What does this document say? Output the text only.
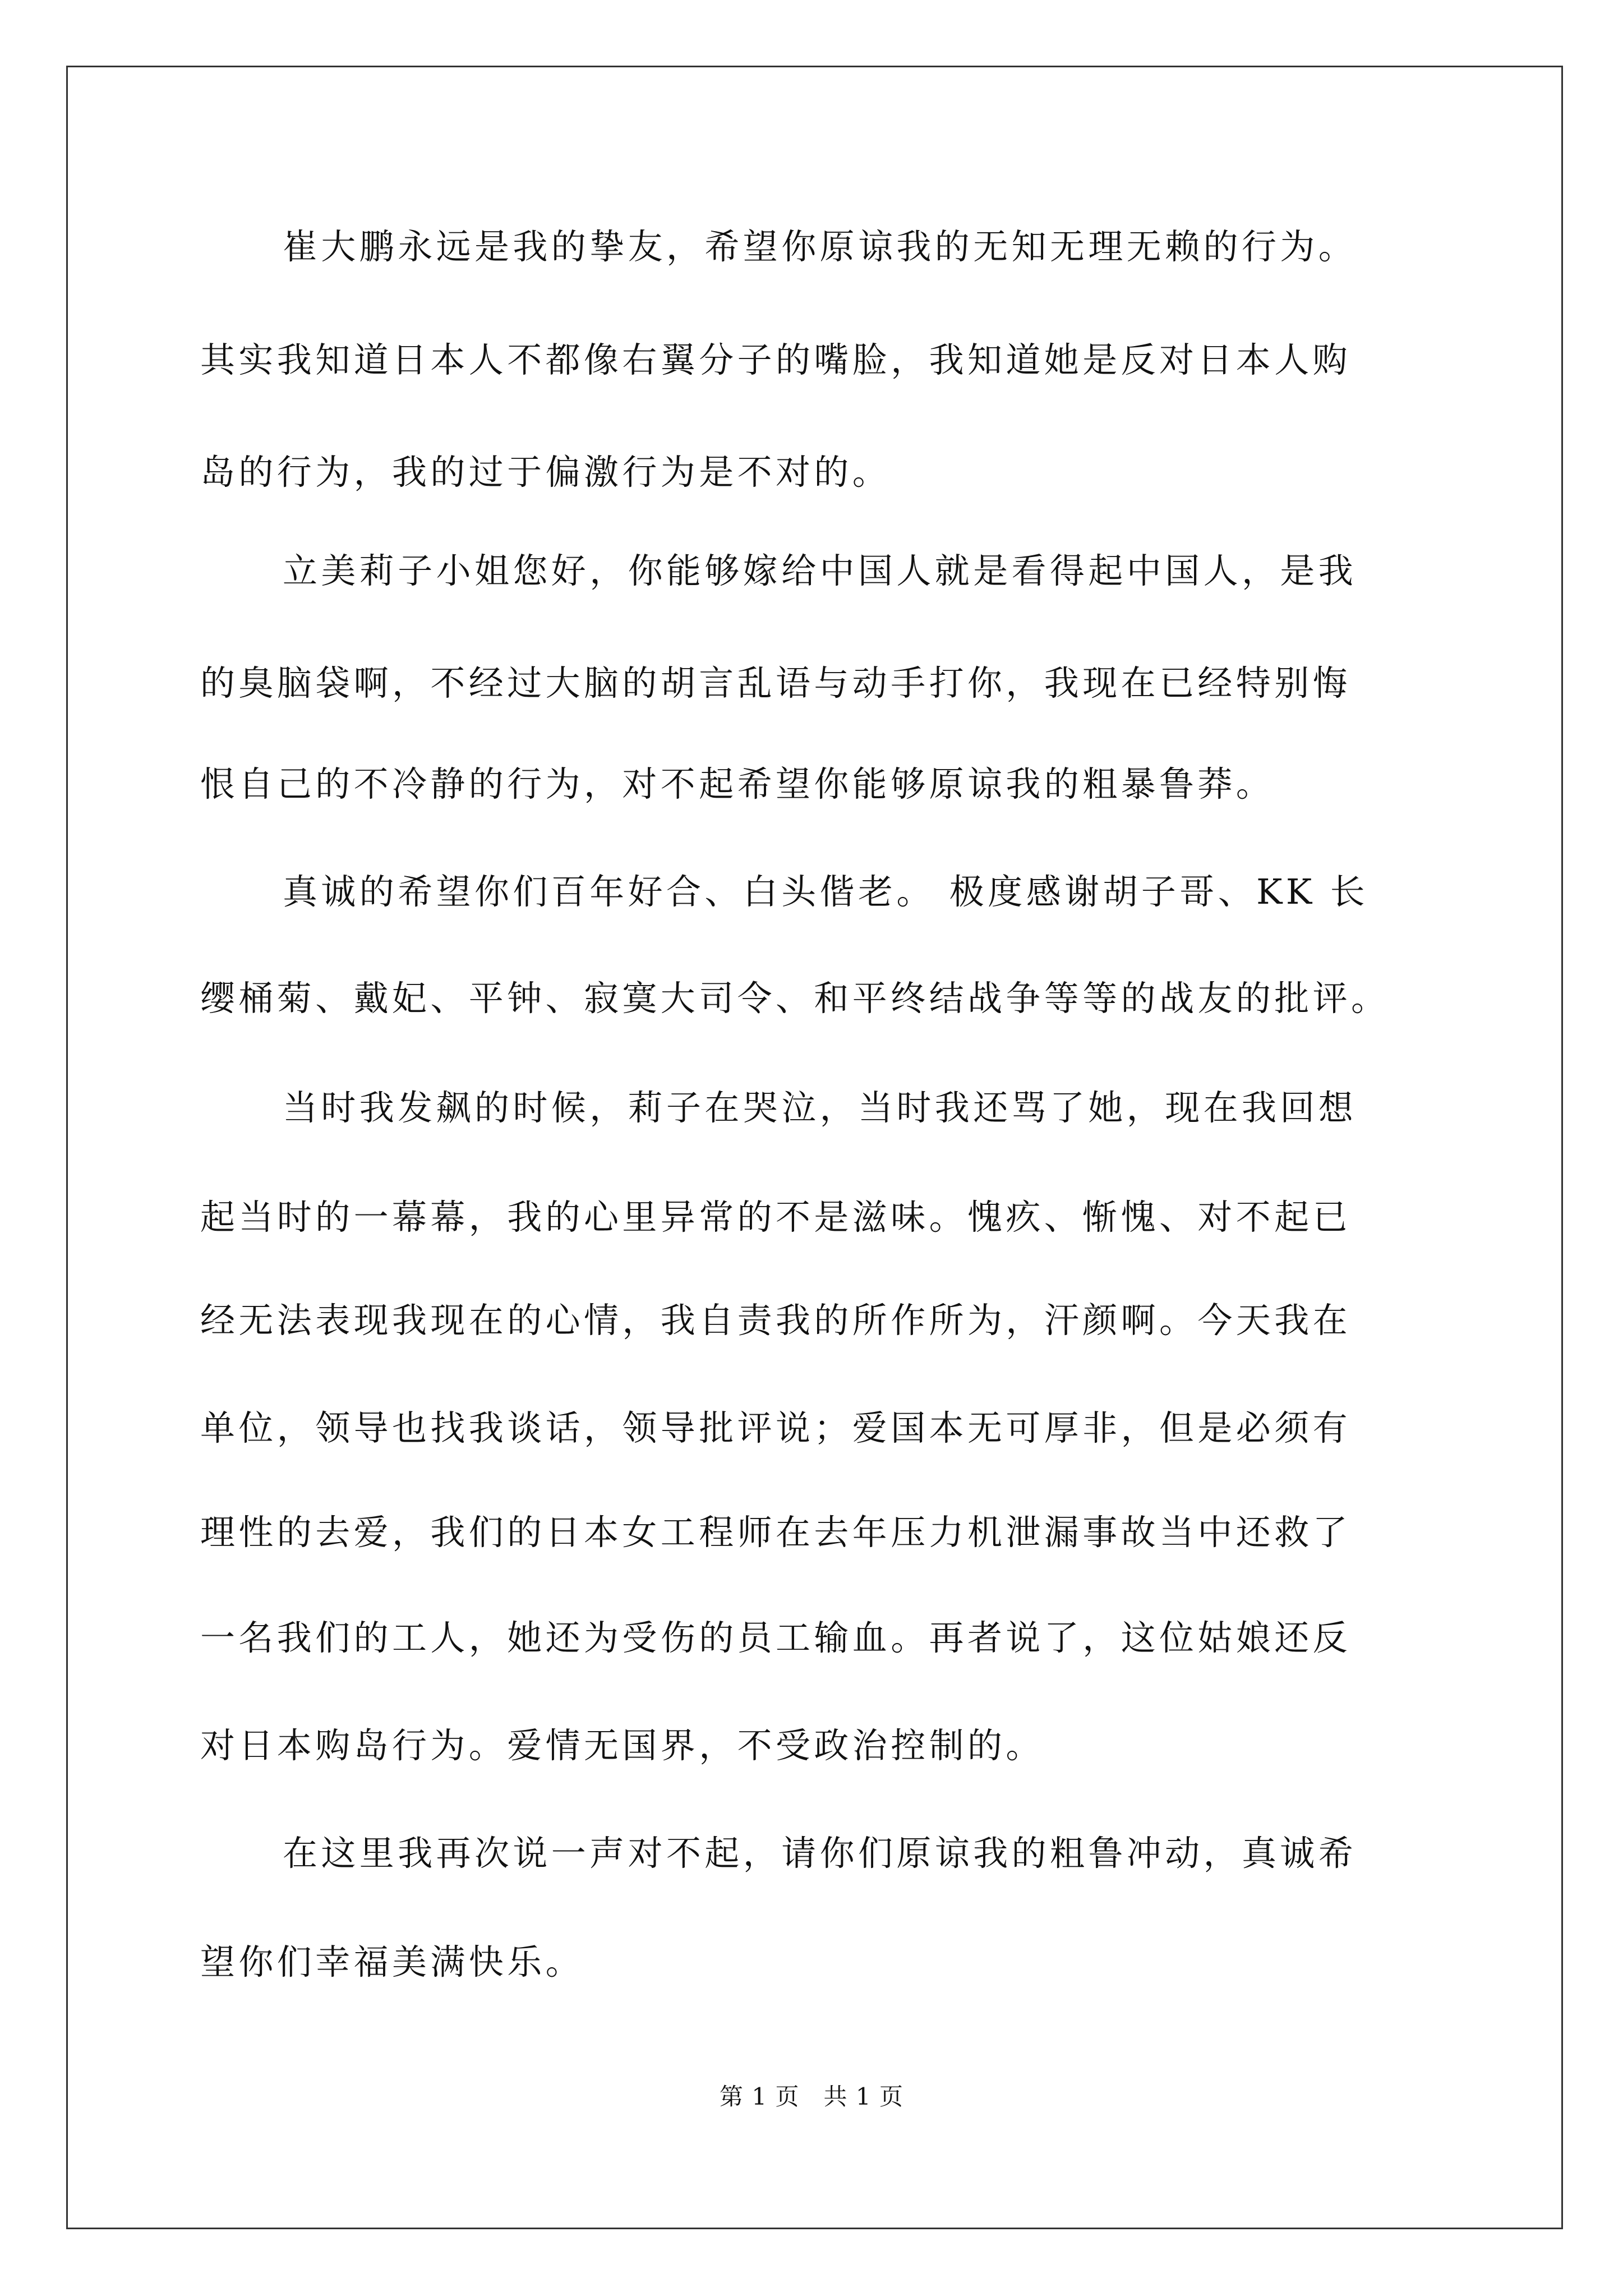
崔大鹏永远是我的挚友，希望你原谅我的无知无理无赖的行为。
其实我知道日本人不都像右翼分子的嘴脸，我知道她是反对日本人购
岛的行为，我的过于偏激行为是不对的。
立美莉子小姐您好，你能够嫁给中国人就是看得起中国人，是我
的臭脑袋啊，不经过大脑的胡言乱语与动手打你，我现在已经特别悔
恨自己的不冷静的行为，对不起希望你能够原谅我的粗暴鲁莽。
真诚的希望你们百年好合、白头偕老。 极度感谢胡子哥、KK 长
缨桶菊、戴妃、平钟、寂寞大司令、和平终结战争等等的战友的批评。
当时我发飙的时候，莉子在哭泣，当时我还骂了她，现在我回想
起当时的一幕幕，我的心里异常的不是滋味。愧疚、惭愧、对不起已
经无法表现我现在的心情，我自责我的所作所为，汗颜啊。今天我在
单位，领导也找我谈话，领导批评说；爱国本无可厚非，但是必须有
理性的去爱，我们的日本女工程师在去年压力机泄漏事故当中还救了
一名我们的工人，她还为受伤的员工输血。再者说了，这位姑娘还反
对日本购岛行为。爱情无国界，不受政治控制的。
在这里我再次说一声对不起，请你们原谅我的粗鲁冲动，真诚希
望你们幸福美满快乐。
第 1 页   共 1 页
